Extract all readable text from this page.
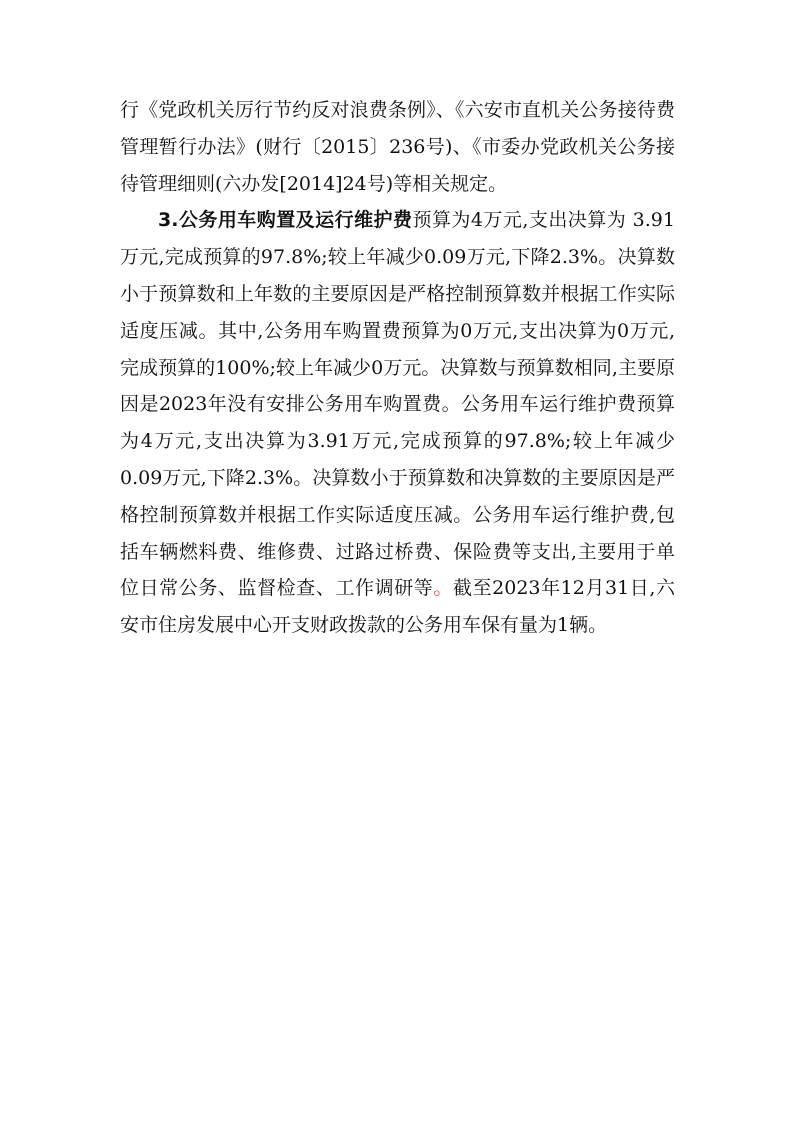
行《党政机关厉行节约反对浪费条例》、《六安市直机关公务接待费管理暂行办法》(财行〔2015〕236号)、《市委办党政机关公务接待管理细则(六办发[2014]24号)等相关规定。

3.公务用车购置及运行维护费预算为4万元,支出决算为 3.91万元,完成预算的97.8%;较上年减少0.09万元,下降2.3%。决算数小于预算数和上年数的主要原因是严格控制预算数并根据工作实际适度压减。其中,公务用车购置费预算为0万元,支出决算为0万元,完成预算的100%;较上年减少0万元。决算数与预算数相同,主要原因是2023年没有安排公务用车购置费。公务用车运行维护费预算为4万元,支出决算为3.91万元,完成预算的97.8%;较上年减少0.09万元,下降2.3%。决算数小于预算数和决算数的主要原因是严格控制预算数并根据工作实际适度压减。公务用车运行维护费,包括车辆燃料费、维修费、过路过桥费、保险费等支出,主要用于单位日常公务、监督检查、工作调研等。截至2023年12月31日,六安市住房发展中心开支财政拨款的公务用车保有量为1辆。
